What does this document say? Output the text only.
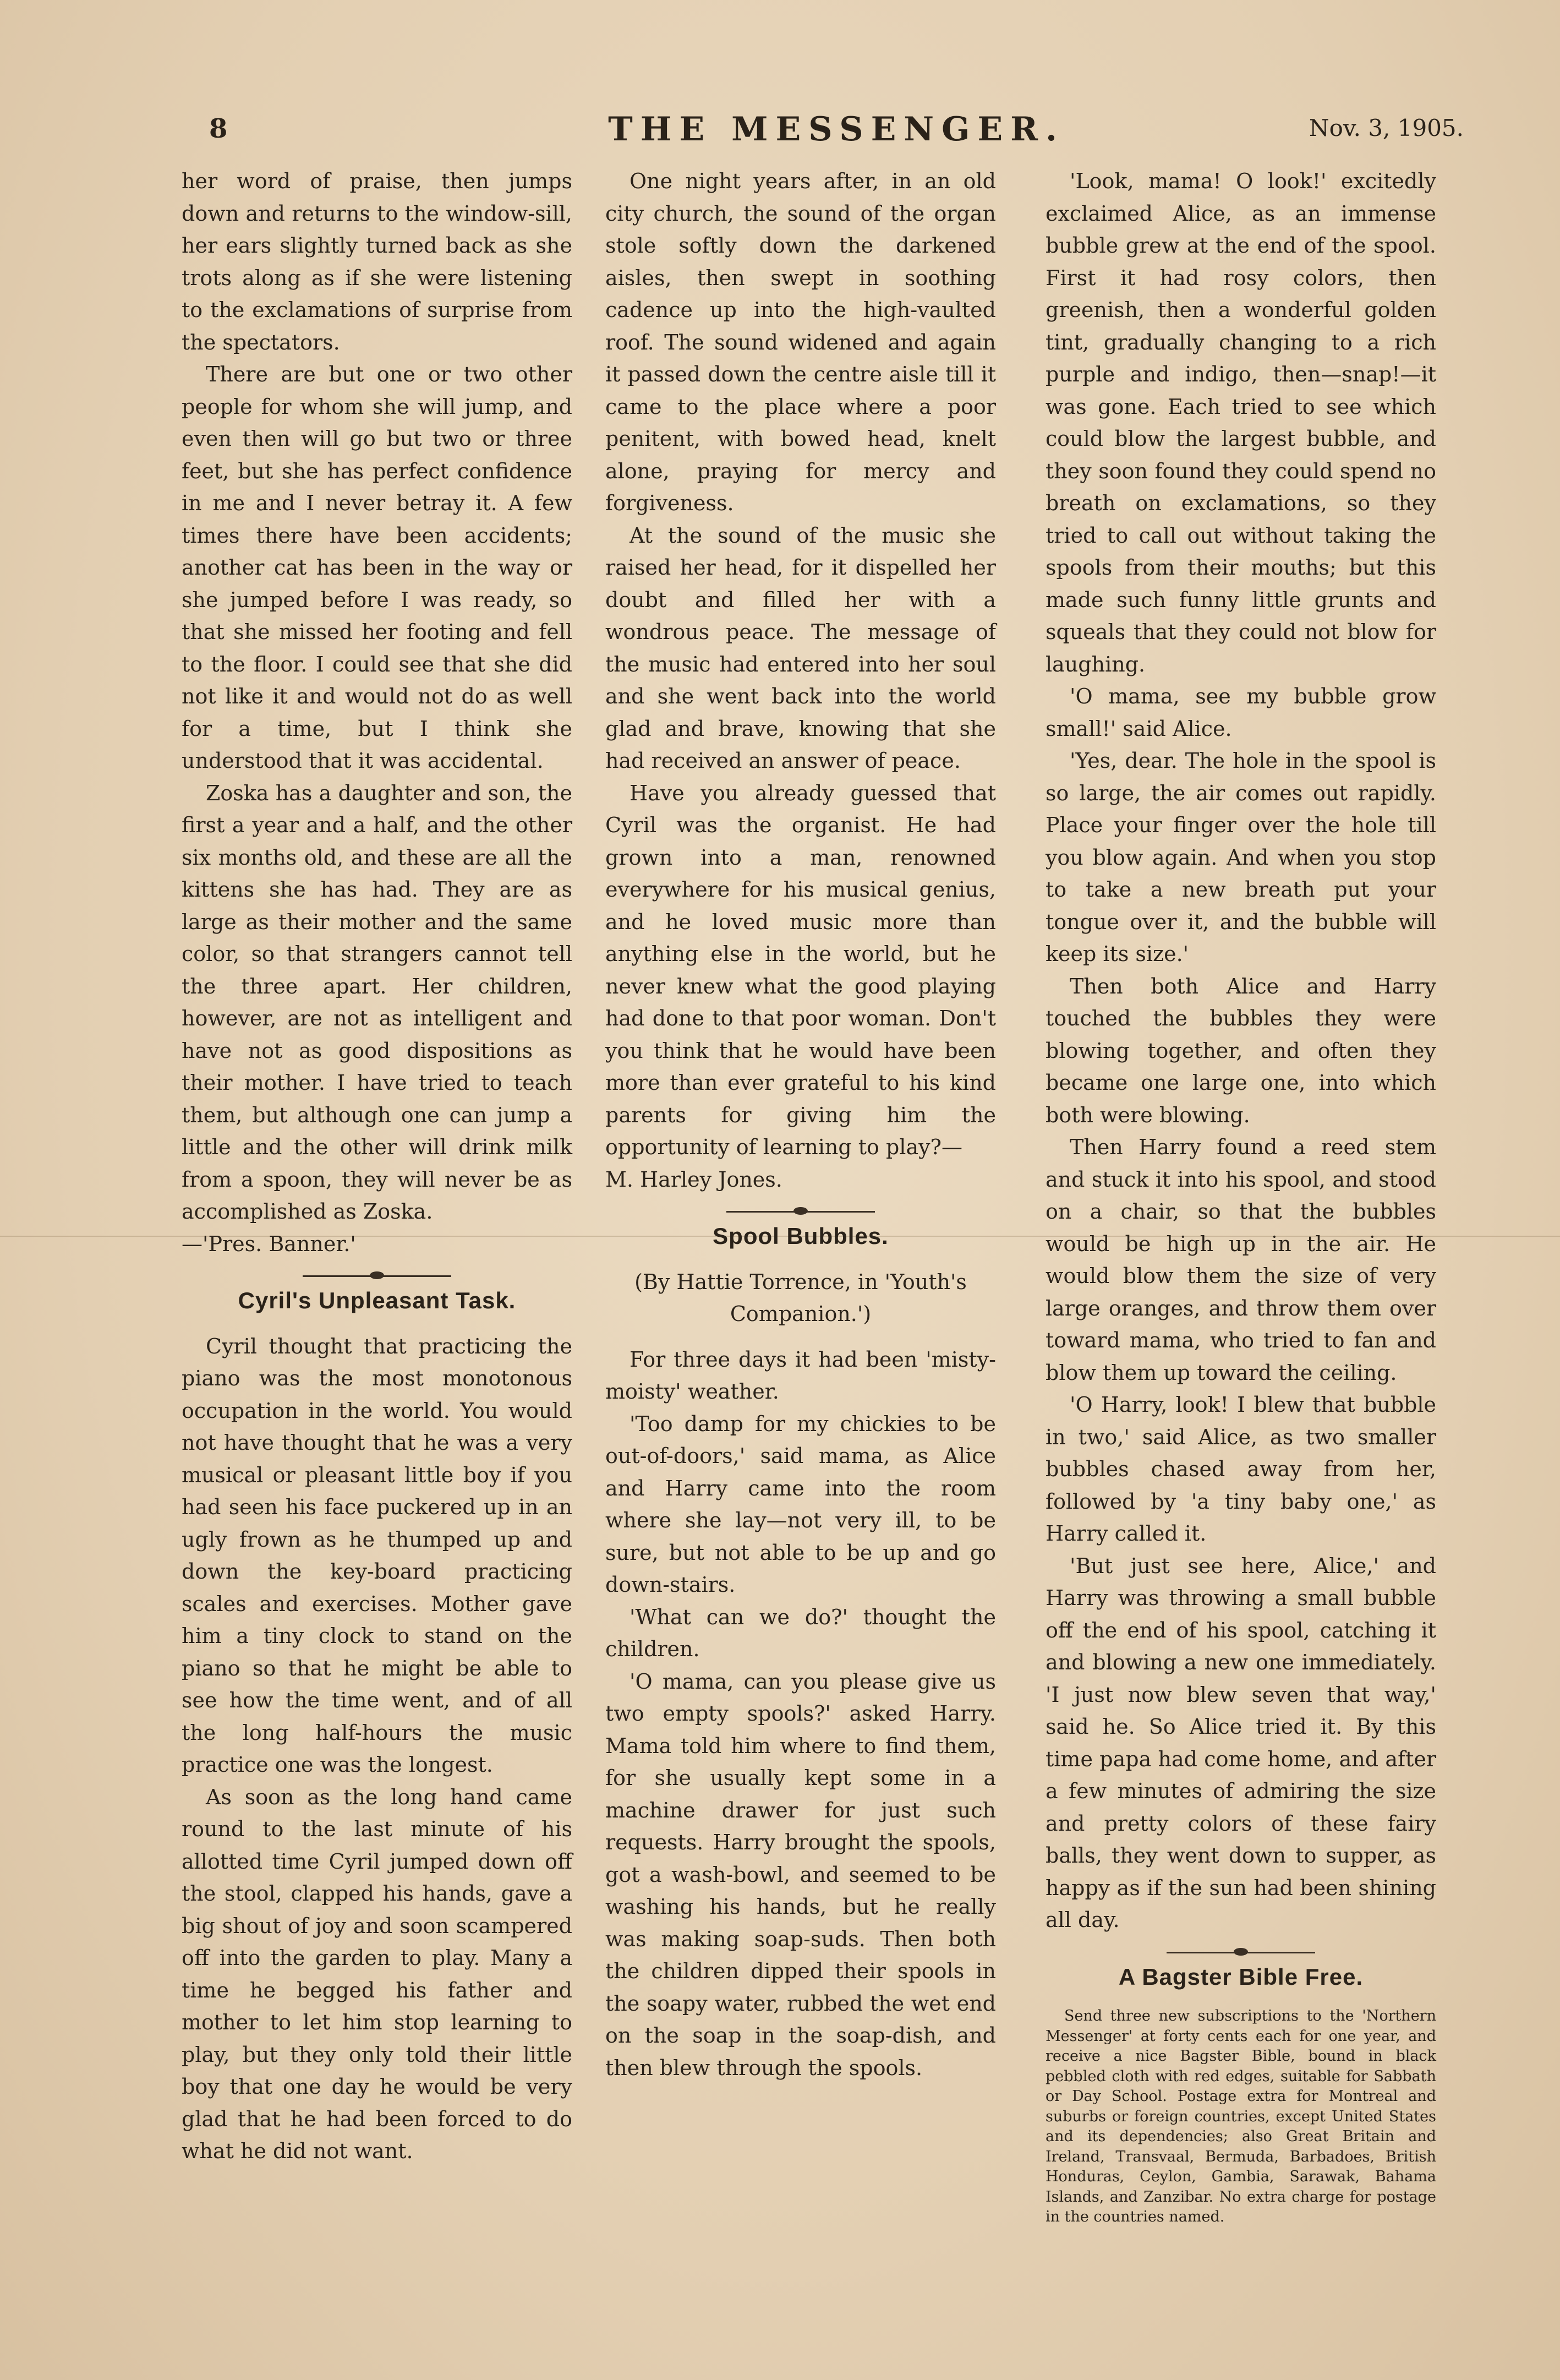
8	THE MESSENGER.	Nov. 3, 1905.

her word of praise, then jumps down and returns to the window-sill, her ears slightly turned back as she trots along as if she were listening to the exclamations of surprise from the spectators.

There are but one or two other people for whom she will jump, and even then will go but two or three feet, but she has perfect confidence in me and I never betray it. A few times there have been accidents; another cat has been in the way or she jumped before I was ready, so that she missed her footing and fell to the floor. I could see that she did not like it and would not do as well for a time, but I think she understood that it was accidental.

Zoska has a daughter and son, the first a year and a half, and the other six months old, and these are all the kittens she has had. They are as large as their mother and the same color, so that strangers cannot tell the three apart. Her children, however, are not as intelligent and have not as good dispositions as their mother. I have tried to teach them, but although one can jump a little and the other will drink milk from a spoon, they will never be as accomplished as Zoska.

—'Pres. Banner.'

Cyril's Unpleasant Task.

Cyril thought that practicing the piano was the most monotonous occupation in the world. You would not have thought that he was a very musical or pleasant little boy if you had seen his face puckered up in an ugly frown as he thumped up and down the key-board practicing scales and exercises. Mother gave him a tiny clock to stand on the piano so that he might be able to see how the time went, and of all the long half-hours the music practice one was the longest.

As soon as the long hand came round to the last minute of his allotted time Cyril jumped down off the stool, clapped his hands, gave a big shout of joy and soon scampered off into the garden to play. Many a time he begged his father and mother to let him stop learning to play, but they only told their little boy that one day he would be very glad that he had been forced to do what he did not want.

One night years after, in an old city church, the sound of the organ stole softly down the darkened aisles, then swept in soothing cadence up into the high-vaulted roof. The sound widened and again it passed down the centre aisle till it came to the place where a poor penitent, with bowed head, knelt alone, praying for mercy and forgiveness.

At the sound of the music she raised her head, for it dispelled her doubt and filled her with a wondrous peace. The message of the music had entered into her soul and she went back into the world glad and brave, knowing that she had received an answer of peace.

Have you already guessed that Cyril was the organist. He had grown into a man, renowned everywhere for his musical genius, and he loved music more than anything else in the world, but he never knew what the good playing had done to that poor woman. Don't you think that he would have been more than ever grateful to his kind parents for giving him the opportunity of learning to play?—

M. Harley Jones.

Spool Bubbles.

(By Hattie Torrence, in 'Youth's Companion.')

For three days it had been 'misty-moisty' weather.

'Too damp for my chickies to be out-of-doors,' said mama, as Alice and Harry came into the room where she lay—not very ill, to be sure, but not able to be up and go down-stairs.

'What can we do?' thought the children.

'O mama, can you please give us two empty spools?' asked Harry. Mama told him where to find them, for she usually kept some in a machine drawer for just such requests. Harry brought the spools, got a wash-bowl, and seemed to be washing his hands, but he really was making soap-suds. Then both the children dipped their spools in the soapy water, rubbed the wet end on the soap in the soap-dish, and then blew through the spools.

'Look, mama! O look!' excitedly exclaimed Alice, as an immense bubble grew at the end of the spool. First it had rosy colors, then greenish, then a wonderful golden tint, gradually changing to a rich purple and indigo, then—snap!—it was gone. Each tried to see which could blow the largest bubble, and they soon found they could spend no breath on exclamations, so they tried to call out without taking the spools from their mouths; but this made such funny little grunts and squeals that they could not blow for laughing.

'O mama, see my bubble grow small!' said Alice.

'Yes, dear. The hole in the spool is so large, the air comes out rapidly. Place your finger over the hole till you blow again. And when you stop to take a new breath put your tongue over it, and the bubble will keep its size.'

Then both Alice and Harry touched the bubbles they were blowing together, and often they became one large one, into which both were blowing.

Then Harry found a reed stem and stuck it into his spool, and stood on a chair, so that the bubbles would be high up in the air. He would blow them the size of very large oranges, and throw them over toward mama, who tried to fan and blow them up toward the ceiling.

'O Harry, look! I blew that bubble in two,' said Alice, as two smaller bubbles chased away from her, followed by 'a tiny baby one,' as Harry called it.

'But just see here, Alice,' and Harry was throwing a small bubble off the end of his spool, catching it and blowing a new one immediately. 'I just now blew seven that way,' said he. So Alice tried it. By this time papa had come home, and after a few minutes of admiring the size and pretty colors of these fairy balls, they went down to supper, as happy as if the sun had been shining all day.

A Bagster Bible Free.

Send three new subscriptions to the 'Northern Messenger' at forty cents each for one year, and receive a nice Bagster Bible, bound in black pebbled cloth with red edges, suitable for Sabbath or Day School. Postage extra for Montreal and suburbs or foreign countries, except United States and its dependencies; also Great Britain and Ireland, Transvaal, Bermuda, Barbadoes, British Honduras, Ceylon, Gambia, Sarawak, Bahama Islands, and Zanzibar. No extra charge for postage in the countries named.
